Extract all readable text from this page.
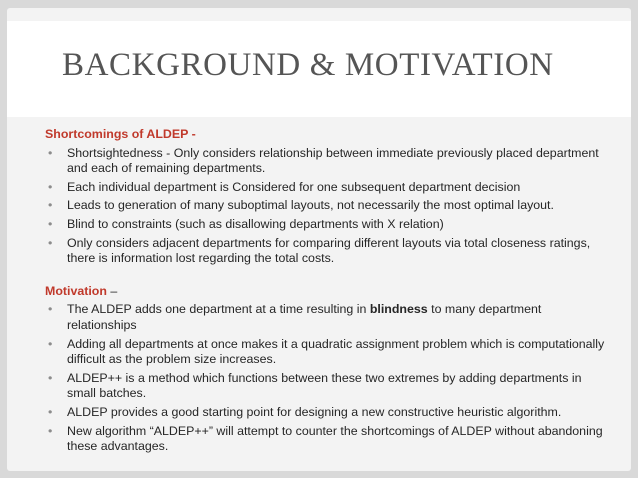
BACKGROUND & MOTIVATION

Shortcomings of ALDEP -

• Shortsightedness - Only considers relationship between immediate previously placed department and each of remaining departments.
• Each individual department is Considered for one subsequent department decision
• Leads to generation of many suboptimal layouts, not necessarily the most optimal layout.
• Blind to constraints (such as disallowing departments with X relation)
• Only considers adjacent departments for comparing different layouts via total closeness ratings, there is information lost regarding the total costs.

Motivation –

• The ALDEP adds one department at a time resulting in blindness to many department relationships
• Adding all departments at once makes it a quadratic assignment problem which is computationally difficult as the problem size increases.
• ALDEP++ is a method which functions between these two extremes by adding departments in small batches.
• ALDEP provides a good starting point for designing a new constructive heuristic algorithm.
• New algorithm “ALDEP++” will attempt to counter the shortcomings of ALDEP without abandoning these advantages.
